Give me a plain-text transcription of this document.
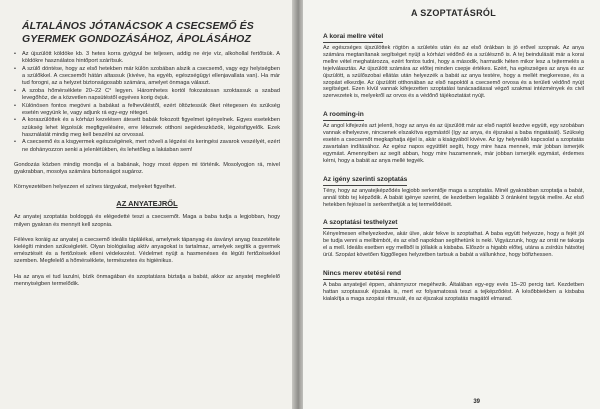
ÁLTALÁNOS JÓTANÁCSOK A CSECSEMŐ ÉS GYERMEK GONDOZÁSÁHOZ, ÁPOLÁSÁHOZ
• Az újszülött köldöke kb. 3 hetes korra gyógyul be teljesen, addig ne érje víz, alkohollal fertőtsük. A köldökre használatos hintőport szárítsuk.
• A szülő döntése, hogy az első hetekben már külön szobában alszik a csecsemő, vagy egy helyiségben a szülőkkel. A csecsemőt hátán altassuk (kivéve, ha egyéb, egészségügyi ellenjavallata van). Ha már tud forogni, az a helyzet biztonságosabb számára, amelyet önmaga választ.
• A szoba hőmérséklete 20–22 C° legyen. Háromhetes kortól fokozatosan szoktassuk a szabad levegőhöz, de a közvetlen napsütéstől egyéves korig óvjuk.
• Különösen fontos megóvni a babákat a felhevüléstől, ezért öltöztessük őket rétegesen és szükség esetén vegyünk le, vagy adjunk rá egy-egy réteget.
• A koraszülöttek és a kórházi kezelésen átesett babák fokozott figyelmet igényelnek. Egyes esetekben szükség lehet légzésük megfigyelésére, erre léteznek otthoni segédeszközök, légzésfigyelők. Ezek használatát mindig meg kell beszélni az orvossal.
• A csecsemő és a kisgyermek egészségének, mert növeli a légzési és keringési zavarok veszélyét, ezért ne dohányozzon senki a jelenlétükben, és lehetőleg a lakásban sem!

Gondozás közben mindig mondja el a babának, hogy most éppen mi történik. Mosolyogjon rá, mivel gyakrabban, mosolya számára biztonságot sugároz.

Környezetében helyezzen el színes tárgyakat, melyeket figyelhet.

AZ ANYATEJRŐL

Az anyatej szoptatás boldoggá és elégedetté teszi a csecsemőt. Maga a baba tudja a legjobban, hogy milyen gyakran és mennyit kell szopnia.

Féléves koráig az anyatej a csecsemő ideális táplálékai, amelynek tápanyag és ásványi anyag összetétele kielégíti minden szükségletét. Olyan biológiailag aktív anyagokat is tartalmaz, amelyek segítik a gyermek emésztését és a fertőzések elleni védekezést. Védelmet nyújt a hasmenéses és légúti fertőzésekkel szemben. Megfelelő a hőmérséklete, természetes és higiénikus.

Ha az anya ei tud lazulni, bízik önmagában és szoptatásra biztatja a babát, akkor az anyatej megfelelő mennyiségben termelődik.

A SZOPTATÁSRÓL
A korai mellre vétel

Az egészséges újszülöttek rögtön a születés után és az első órákban is jó erővel szopnak. Az anya számára megtanítanak segítséget nyújt a kórházi védőnő és a szülésznő is. A tej beindulását már a korai mellre vétel meghatározza, ezért fontos tudni, hogy a második, harmadik héten mikor lesz a tejtermelés a tejelválasztás. Az újszülött számára az előtej minden csepje értékes. Ezért, ha egészséges az anya és az újszülött, a szülőszobai ellátás után helyezzék a babát az anya testére, hogy a mellét megkeresse, és a szopást elkezdje. Az újszülött otthonában az első napoktól a csecsemő orvosa és a területi védőnő nyújt segítséget. Ezen kívül vannak kifejezetten szoptatási tanácsadással végző szakmai intézmények és civil szervezetek is, melyekről az orvos és a védőnő tájékoztatást nyújt.

A rooming-in

Az angol kifejezés azt jelenti, hogy az anya és az újszülött már az első naptól kezdve együtt, egy szobában vannak elhelyezve, nincsenek elszakítva egymástól (így az anya, és éjszakai a baba ringatását). Szükség esetén a csecsemőt megkaphatja éjjel is, akár a kiságyából kivéve. Az így helyreálló kapcsolat a szoptatás zavartalan indításához. Az egész napos együttlét segíti, hogy mire haza mennek, már jobban ismerjék egymást. Amennyiben az segít abban, hogy mire hazamennek, már jobban ismerjék egymást, érdemes kérni, hogy a babát az anya mellé tegyék.

Az igény szerinti szoptatás

Tény, hogy az anyatejképződés legjobb serkentője maga a szoptatás. Minél gyakrabban szoptatja a babát, annál több tej képződik. A babát igénye szerint, de kezdetben legalább 3 óránként tegyük mellre. Az első hetekben fejéssel is serkenthetjük a tej termelődését.

A szoptatási testhelyzet

Kényelmesen elhelyezkedve, akár ülve, akár fekve is szoptathat. A baba együtt helyezze, hogy a fejét jól be tudja venni a mellbimbót, és az első napokban segíthetünk is neki. Vigyázzunk, hogy az orrát ne takarja el a mell. Ideális esetben egy mellből is jóllakik a kisbaba. Először a higabb előtej, utána a zsírdús hátsótej ürül. Szopást követően függőleges helyzetben tartsuk a babát a vállunkhoz, hogy böfizhessen.

Nincs merev etetési rend

A baba anyatejjel éppen, ahánnyszor megéhezik. Általában egy-egy evés 15–20 percig tart. Kezdetben hattan szoptassuk éjszaka is, mert ez folyamatossá teszi a tejképződést. A későbbiekben a kisbaba kialakítja a maga szopási ritmusát, és az éjszakai szoptatás magától elmarad.

39
